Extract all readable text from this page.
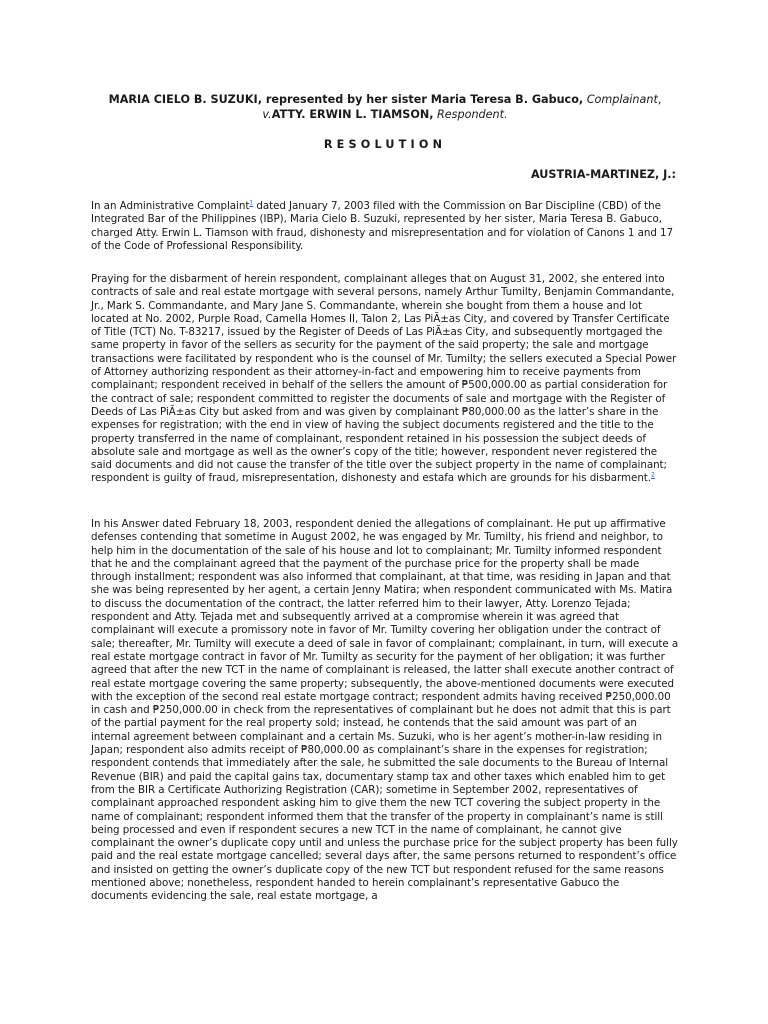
MARIA CIELO B. SUZUKI, represented by her sister Maria Teresa B. Gabuco, Complainant, v.ATTY. ERWIN L. TIAMSON, Respondent.
RESOLUTION
AUSTRIA-MARTINEZ, J.:
In an Administrative Complaint$^1$ dated January 7, 2003 filed with the Commission on Bar Discipline (CBD) of the Integrated Bar of the Philippines (IBP), Maria Cielo B. Suzuki, represented by her sister, Maria Teresa B. Gabuco, charged Atty. Erwin L. Tiamson with fraud, dishonesty and misrepresentation and for violation of Canons 1 and 17 of the Code of Professional Responsibility.
Praying for the disbarment of herein respondent, complainant alleges that on August 31, 2002, she entered into contracts of sale and real estate mortgage with several persons, namely Arthur Tumilty, Benjamin Commandante, Jr., Mark S. Commandante, and Mary Jane S. Commandante, wherein she bought from them a house and lot located at No. 2002, Purple Road, Camella Homes II, Talon 2, Las PiÃ±as City, and covered by Transfer Certificate of Title (TCT) No. T-83217, issued by the Register of Deeds of Las PiÃ±as City, and subsequently mortgaged the same property in favor of the sellers as security for the payment of the said property; the sale and mortgage transactions were facilitated by respondent who is the counsel of Mr. Tumilty; the sellers executed a Special Power of Attorney authorizing respondent as their attorney-in-fact and empowering him to receive payments from complainant; respondent received in behalf of the sellers the amount of ₱500,000.00 as partial consideration for the contract of sale; respondent committed to register the documents of sale and mortgage with the Register of Deeds of Las PiÃ±as City but asked from and was given by complainant ₱80,000.00 as the latter’s share in the expenses for registration; with the end in view of having the subject documents registered and the title to the property transferred in the name of complainant, respondent retained in his possession the subject deeds of absolute sale and mortgage as well as the owner’s copy of the title; however, respondent never registered the said documents and did not cause the transfer of the title over the subject property in the name of complainant; respondent is guilty of fraud, misrepresentation, dishonesty and estafa which are grounds for his disbarment.$^2$
In his Answer dated February 18, 2003, respondent denied the allegations of complainant. He put up affirmative defenses contending that sometime in August 2002, he was engaged by Mr. Tumilty, his friend and neighbor, to help him in the documentation of the sale of his house and lot to complainant; Mr. Tumilty informed respondent that he and the complainant agreed that the payment of the purchase price for the property shall be made through installment; respondent was also informed that complainant, at that time, was residing in Japan and that she was being represented by her agent, a certain Jenny Matira; when respondent communicated with Ms. Matira to discuss the documentation of the contract, the latter referred him to their lawyer, Atty. Lorenzo Tejada; respondent and Atty. Tejada met and subsequently arrived at a compromise wherein it was agreed that complainant will execute a promissory note in favor of Mr. Tumilty covering her obligation under the contract of sale; thereafter, Mr. Tumilty will execute a deed of sale in favor of complainant; complainant, in turn, will execute a real estate mortgage contract in favor of Mr. Tumilty as security for the payment of her obligation; it was further agreed that after the new TCT in the name of complainant is released, the latter shall execute another contract of real estate mortgage covering the same property; subsequently, the above-mentioned documents were executed with the exception of the second real estate mortgage contract; respondent admits having received ₱250,000.00 in cash and ₱250,000.00 in check from the representatives of complainant but he does not admit that this is part of the partial payment for the real property sold; instead, he contends that the said amount was part of an internal agreement between complainant and a certain Ms. Suzuki, who is her agent’s mother-in-law residing in Japan; respondent also admits receipt of ₱80,000.00 as complainant’s share in the expenses for registration; respondent contends that immediately after the sale, he submitted the sale documents to the Bureau of Internal Revenue (BIR) and paid the capital gains tax, documentary stamp tax and other taxes which enabled him to get from the BIR a Certificate Authorizing Registration (CAR); sometime in September 2002, representatives of complainant approached respondent asking him to give them the new TCT covering the subject property in the name of complainant; respondent informed them that the transfer of the property in complainant’s name is still being processed and even if respondent secures a new TCT in the name of complainant, he cannot give complainant the owner’s duplicate copy until and unless the purchase price for the subject property has been fully paid and the real estate mortgage cancelled; several days after, the same persons returned to respondent’s office and insisted on getting the owner’s duplicate copy of the new TCT but respondent refused for the same reasons mentioned above; nonetheless, respondent handed to herein complainant’s representative Gabuco the documents evidencing the sale, real estate mortgage, a
